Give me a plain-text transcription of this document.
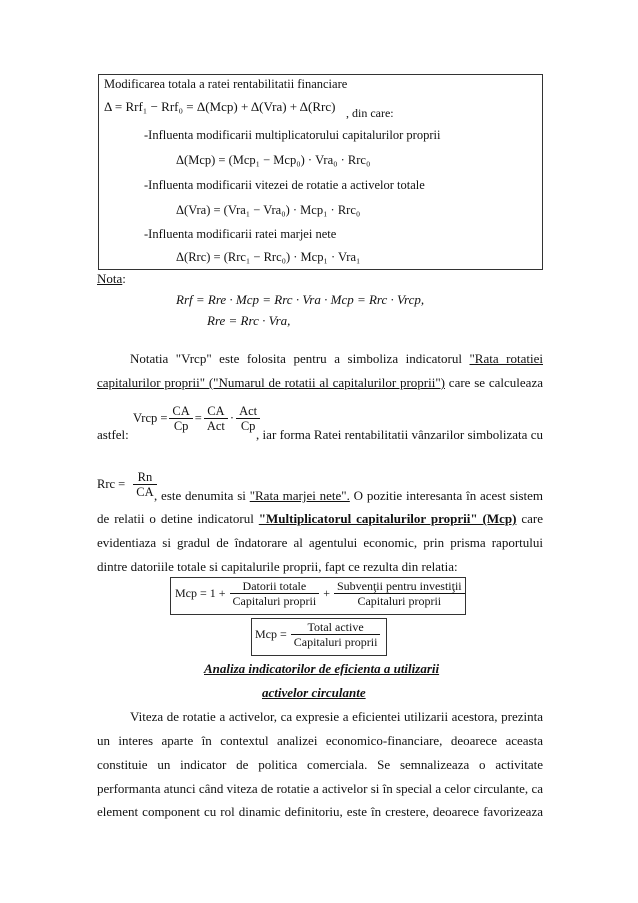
Modificarea totala a ratei rentabilitatii financiare
Δ = Rrf₁ − Rrf₀ = Δ(Mcp) + Δ(Vra) + Δ(Rrc) , din care:
-Influenta modificarii multiplicatorului capitalurilor proprii
Δ(Mcp) = (Mcp₁ − Mcp₀) · Vra₀ · Rrc₀
-Influenta modificarii vitezei de rotatie a activelor totale
Δ(Vra) = (Vra₁ − Vra₀) · Mcp₁ · Rrc₀
-Influenta modificarii ratei marjei nete
Δ(Rrc) = (Rrc₁ − Rrc₀) · Mcp₁ · Vra₁
Nota:
Rrf = Rre · Mcp = Rrc · Vra · Mcp = Rrc · Vrcp,
Rre = Rrc · Vra,
Notatia "Vrcp" este folosita pentru a simboliza indicatorul "Rata rotatiei
capitalurilor proprii" ("Numarul de rotatii al capitalurilor proprii") care se calculeaza
Vrcp = $\frac{CA}{Cp} = \frac{CA}{\text{Act}} \cdot \frac{\text{Act}}{Cp}$
astfel:	, iar forma Ratei rentabilitatii vânzarilor simbolizata cu
Rrc = $\frac{Rn}{CA}$
, este denumita si "Rata marjei nete". O pozitie interesanta în acest sistem
de relatii o detine indicatorul "Multiplicatorul capitalurilor proprii" (Mcp) care
evidentiaza si gradul de îndatorare al agentului economic, prin prisma raportului
dintre datoriile totale si capitalurile proprii, fapt ce rezulta din relatia:
Mcp = $1 + \frac{\text{Datorii totale}}{\text{Capitaluri proprii}} + \frac{\text{Subvenţii pentru investiţii}}{\text{Capitaluri proprii}}$
Mcp = $\frac{\text{Total active}}{\text{Capitaluri proprii}}$
Analiza indicatorilor de eficienta a utilizarii
activelor circulante
Viteza de rotatie a activelor, ca expresie a eficientei utilizarii acestora, prezinta
un interes aparte în contextul analizei economico-financiare, deoarece aceasta
constituie un indicator de politica comerciala. Se semnalizeaza o activitate
performanta atunci când viteza de rotatie a activelor si în special a celor circulante, ca
element component cu rol dinamic definitoriu, este în crestere, deoarece favorizeaza
